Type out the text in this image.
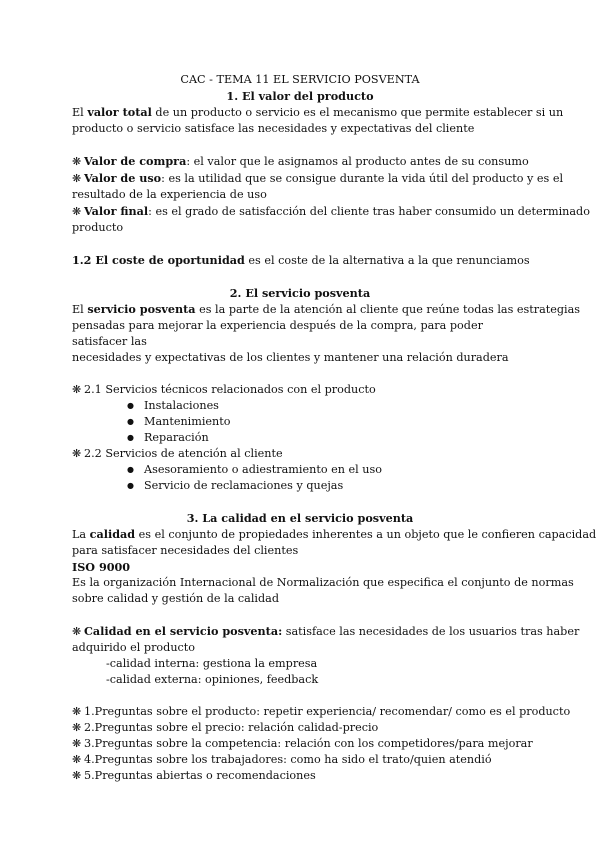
CAC - TEMA 11 EL SERVICIO POSVENTA

1. El valor del producto

El valor total de un producto o servicio es el mecanismo que permite establecer si un

producto o servicio satisface las necesidades y expectativas del cliente

❋ Valor de compra: el valor que le asignamos al producto antes de su consumo

❋ Valor de uso: es la utilidad que se consigue durante la vida útil del producto y es el

resultado de la experiencia de uso

❋ Valor final: es el grado de satisfacción del cliente tras haber consumido un determinado

producto

1.2 El coste de oportunidad es el coste de la alternativa a la que renunciamos

2. El servicio posventa

El servicio posventa es la parte de la atención al cliente que reúne todas las estrategias

pensadas para mejorar la experiencia después de la compra, para poder satisfacer las

necesidades y expectativas de los clientes y mantener una relación duradera

❋ 2.1 Servicios técnicos relacionados con el producto

● Instalaciones

● Mantenimiento

● Reparación

❋ 2.2 Servicios de atención al cliente

● Asesoramiento o adiestramiento en el uso

● Servicio de reclamaciones y quejas

3. La calidad en el servicio posventa

La calidad es el conjunto de propiedades inherentes a un objeto que le confieren capacidad

para satisfacer necesidades del clientes

ISO 9000

Es la organización Internacional de Normalización que especifica el conjunto de normas

sobre calidad y gestión de la calidad

❋ Calidad en el servicio posventa: satisface las necesidades de los usuarios tras haber

adquirido el producto

-calidad interna: gestiona la empresa

-calidad externa: opiniones, feedback

❋ 1.Preguntas sobre el producto: repetir experiencia/ recomendar/ como es el producto

❋ 2.Preguntas sobre el precio: relación calidad-precio

❋ 3.Preguntas sobre la competencia: relación con los competidores/para mejorar

❋ 4.Preguntas sobre los trabajadores: como ha sido el trato/quien atendió

❋ 5.Preguntas abiertas o recomendaciones
